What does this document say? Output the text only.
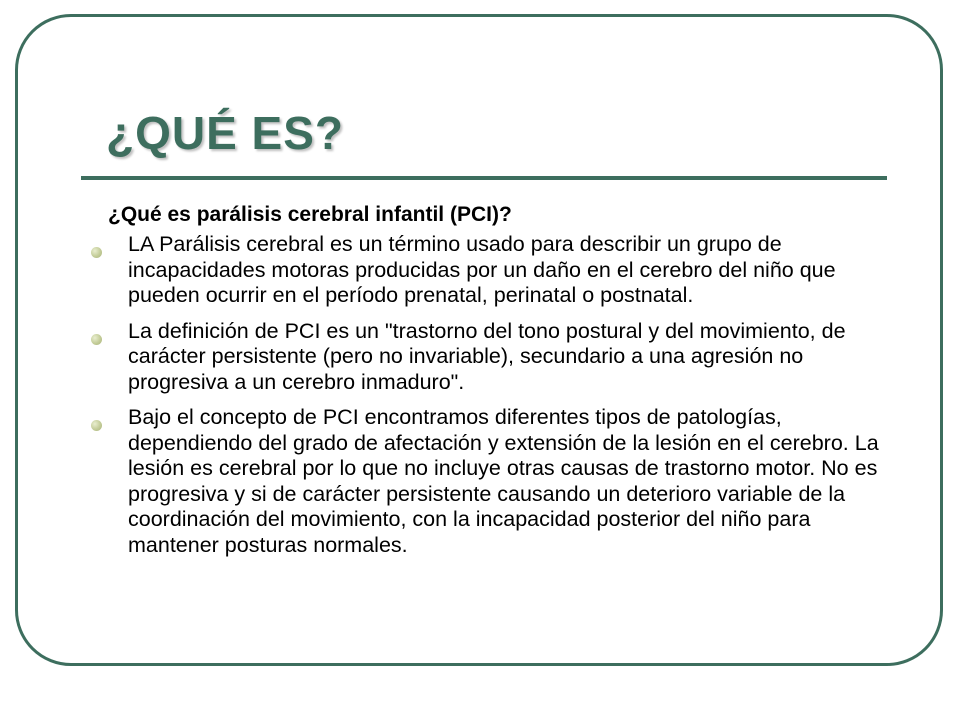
¿QUÉ ES?

¿Qué es parálisis cerebral infantil (PCI)?

LA Parálisis cerebral es un término usado para describir un grupo de incapacidades motoras producidas por un daño en el cerebro del niño que pueden ocurrir en el período prenatal, perinatal o postnatal.
La definición de PCI es un "trastorno del tono postural y del movimiento, de carácter persistente (pero no invariable), secundario a una agresión no progresiva a un cerebro inmaduro".
Bajo el concepto de PCI encontramos diferentes tipos de patologías, dependiendo del grado de afectación y extensión de la lesión en el cerebro. La lesión es cerebral por lo que no incluye otras causas de trastorno motor. No es progresiva y si de carácter persistente causando un deterioro variable de la coordinación del movimiento, con la incapacidad posterior del niño para mantener posturas normales.
